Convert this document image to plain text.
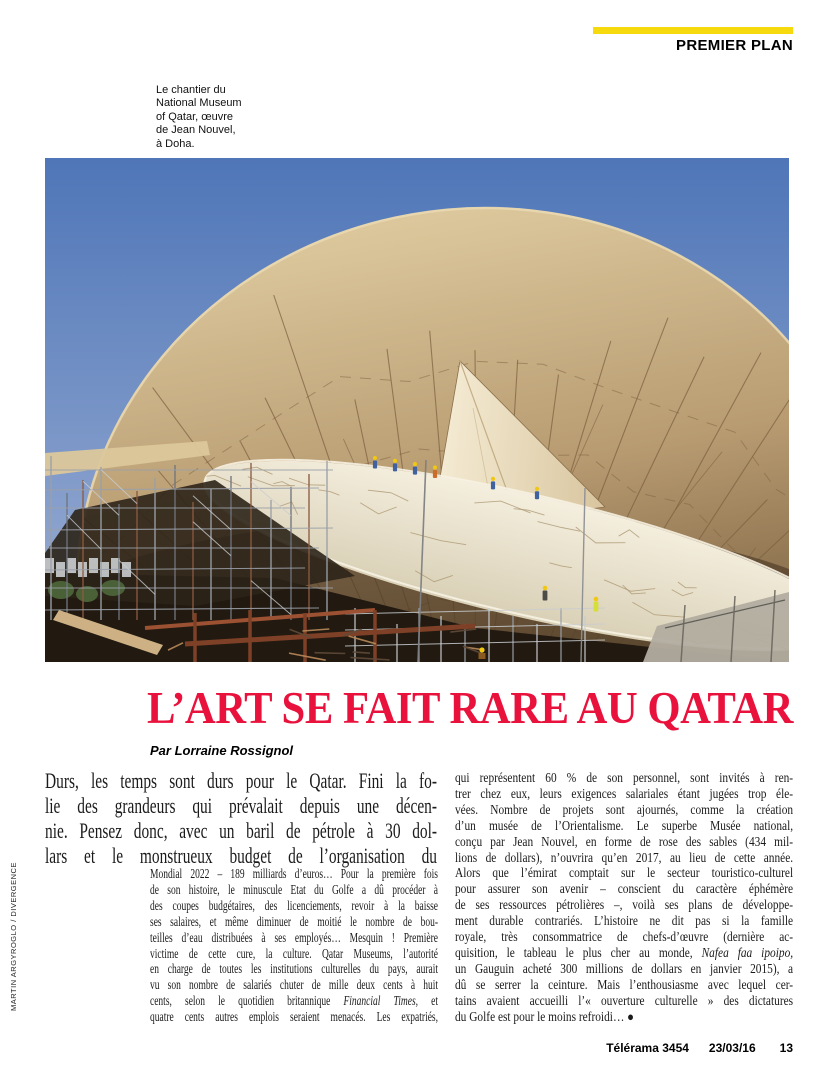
PREMIER PLAN
Le chantier du
National Museum
of Qatar, œuvre
de Jean Nouvel,
à Doha.
MARTIN ARGYROGLO / DIVERGENCE
L’ART SE FAIT RARE AU QATAR
Par Lorraine Rossignol
Durs, les temps sont durs pour le Qatar. Fini la fo-
lie des grandeurs qui prévalait depuis une décen-
nie. Pensez donc, avec un baril de pétrole à 30 dol-
lars et le monstrueux budget de l’organisation du
Mondial 2022 – 189 milliards d’euros… Pour la première fois
de son histoire, le minuscule Etat du Golfe a dû procéder à
des coupes budgétaires, des licenciements, revoir à la baisse
ses salaires, et même diminuer de moitié le nombre de bou-
teilles d’eau distribuées à ses employés… Mesquin ! Première
victime de cette cure, la culture. Qatar Museums, l’autorité
en charge de toutes les institutions culturelles du pays, aurait
vu son nombre de salariés chuter de mille deux cents à huit
cents, selon le quotidien britannique Financial Times, et
quatre cents autres emplois seraient menacés. Les expatriés,
qui représentent 60 % de son personnel, sont invités à ren-
trer chez eux, leurs exigences salariales étant jugées trop éle-
vées. Nombre de projets sont ajournés, comme la création
d’un musée de l’Orientalisme. Le superbe Musée national,
conçu par Jean Nouvel, en forme de rose des sables (434 mil-
lions de dollars), n’ouvrira qu’en 2017, au lieu de cette année.
Alors que l’émirat comptait sur le secteur touristico-culturel
pour assurer son avenir – conscient du caractère éphémère
de ses ressources pétrolières –, voilà ses plans de développe-
ment durable contrariés. L’histoire ne dit pas si la famille
royale, très consommatrice de chefs-d’œuvre (dernière ac-
quisition, le tableau le plus cher au monde, Nafea faa ipoipo,
un Gauguin acheté 300 millions de dollars en janvier 2015), a
dû se serrer la ceinture. Mais l’enthousiasme avec lequel cer-
tains avaient accueilli l’« ouverture culturelle » des dictatures
du Golfe est pour le moins refroidi… ●
Télérama 3454 23/03/16 13
